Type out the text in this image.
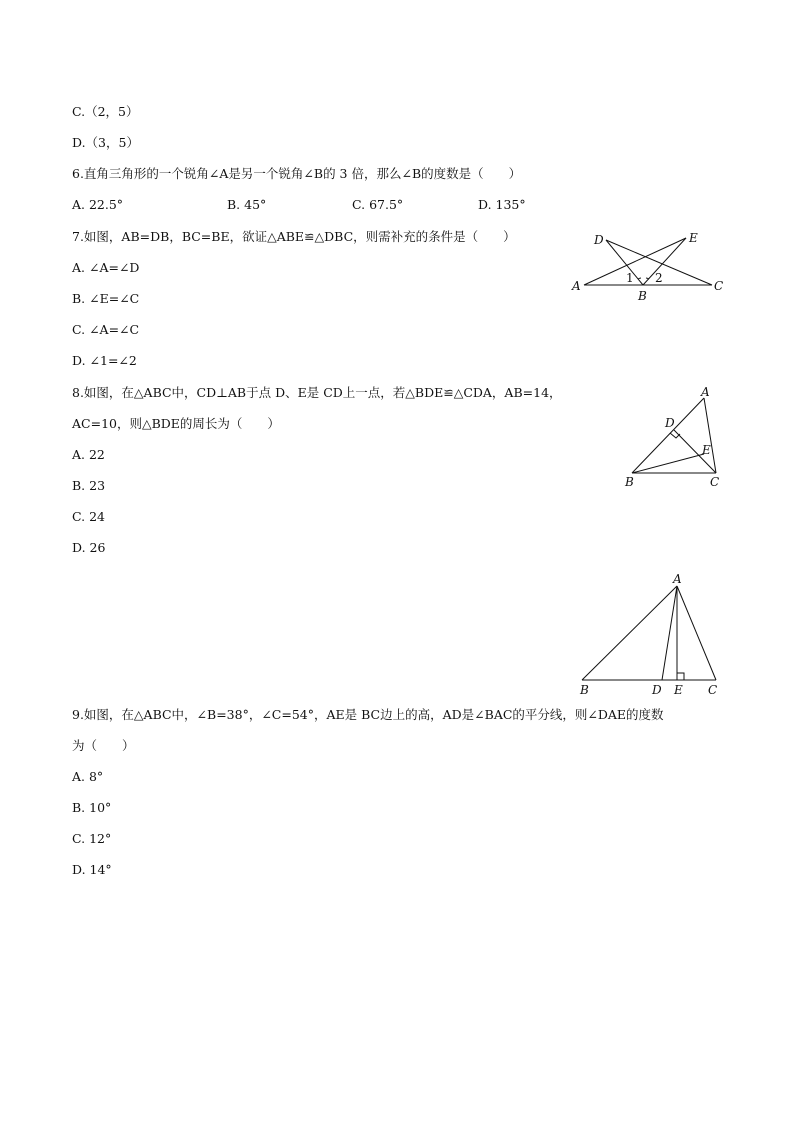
C.（2，5）
D.（3，5）
6.直角三角形的一个锐角∠A是另一个锐角∠B的 3 倍，那么∠B的度数是（　　）
A. 22.5°	B. 45°	C. 67.5°	D. 135°
7.如图，AB=DB，BC=BE，欲证△ABE≌△DBC，则需补充的条件是（　　）
A. ∠A=∠D
B. ∠E=∠C
C. ∠A=∠C
D. ∠1=∠2
8.如图，在△ABC中，CD⊥AB于点 D、E是 CD上一点，若△BDE≌△CDA，AB=14，
AC=10，则△BDE的周长为（　　）
A. 22
B. 23
C. 24
D. 26
9.如图，在△ABC中，∠B=38°，∠C=54°，AE是 BC边上的高，AD是∠BAC的平分线，则∠DAE的度数
为（　　）
A. 8°
B. 10°
C. 12°
D. 14°
A
B
C
D	E
1 2
A
B	C
D
E
A
B	C
D E
